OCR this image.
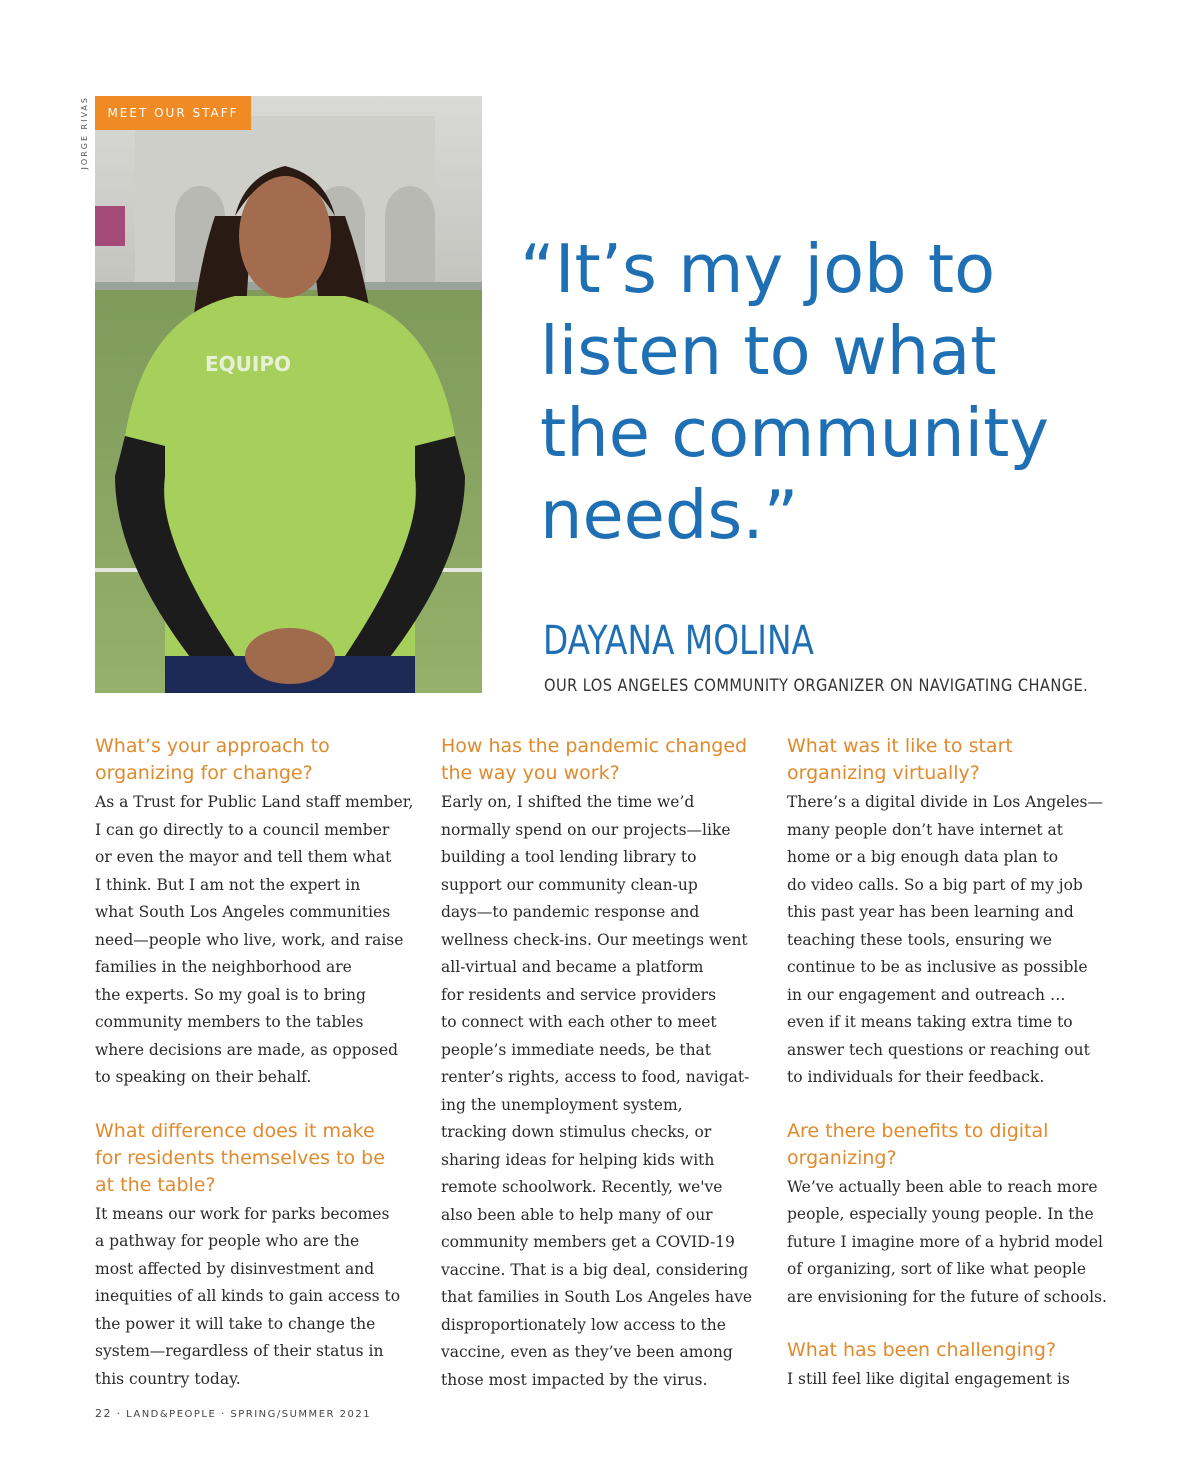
JORGE RIVAS
EQUIPO
MEET OUR STAFF
“It’s my job to
listen to what
the community
needs.”
DAYANA MOLINA
OUR LOS ANGELES COMMUNITY ORGANIZER ON NAVIGATING CHANGE.
What’s your approach to
organizing for change?
As a Trust for Public Land staff member,
I can go directly to a council member
or even the mayor and tell them what
I think. But I am not the expert in
what South Los Angeles communities
need—people who live, work, and raise
families in the neighborhood are
the experts. So my goal is to bring
community members to the tables
where decisions are made, as opposed
to speaking on their behalf.
What difference does it make
for residents themselves to be
at the table?
It means our work for parks becomes
a pathway for people who are the
most affected by disinvestment and
inequities of all kinds to gain access to
the power it will take to change the
system—regardless of their status in
this country today.
How has the pandemic changed
the way you work?
Early on, I shifted the time we’d
normally spend on our projects—like
building a tool lending library to
support our community clean-up
days—to pandemic response and
wellness check-ins. Our meetings went
all-virtual and became a platform
for residents and service providers
to connect with each other to meet
people’s immediate needs, be that
renter’s rights, access to food, navigat-
ing the unemployment system,
tracking down stimulus checks, or
sharing ideas for helping kids with
remote schoolwork. Recently, we've
also been able to help many of our
community members get a COVID-19
vaccine. That is a big deal, considering
that families in South Los Angeles have
disproportionately low access to the
vaccine, even as they’ve been among
those most impacted by the virus.
What was it like to start
organizing virtually?
There’s a digital divide in Los Angeles—
many people don’t have internet at
home or a big enough data plan to
do video calls. So a big part of my job
this past year has been learning and
teaching these tools, ensuring we
continue to be as inclusive as possible
in our engagement and outreach …
even if it means taking extra time to
answer tech questions or reaching out
to individuals for their feedback.
Are there benefits to digital
organizing?
We’ve actually been able to reach more
people, especially young people. In the
future I imagine more of a hybrid model
of organizing, sort of like what people
are envisioning for the future of schools.
What has been challenging?
I still feel like digital engagement is
22 · LAND&PEOPLE · SPRING/SUMMER 2021
